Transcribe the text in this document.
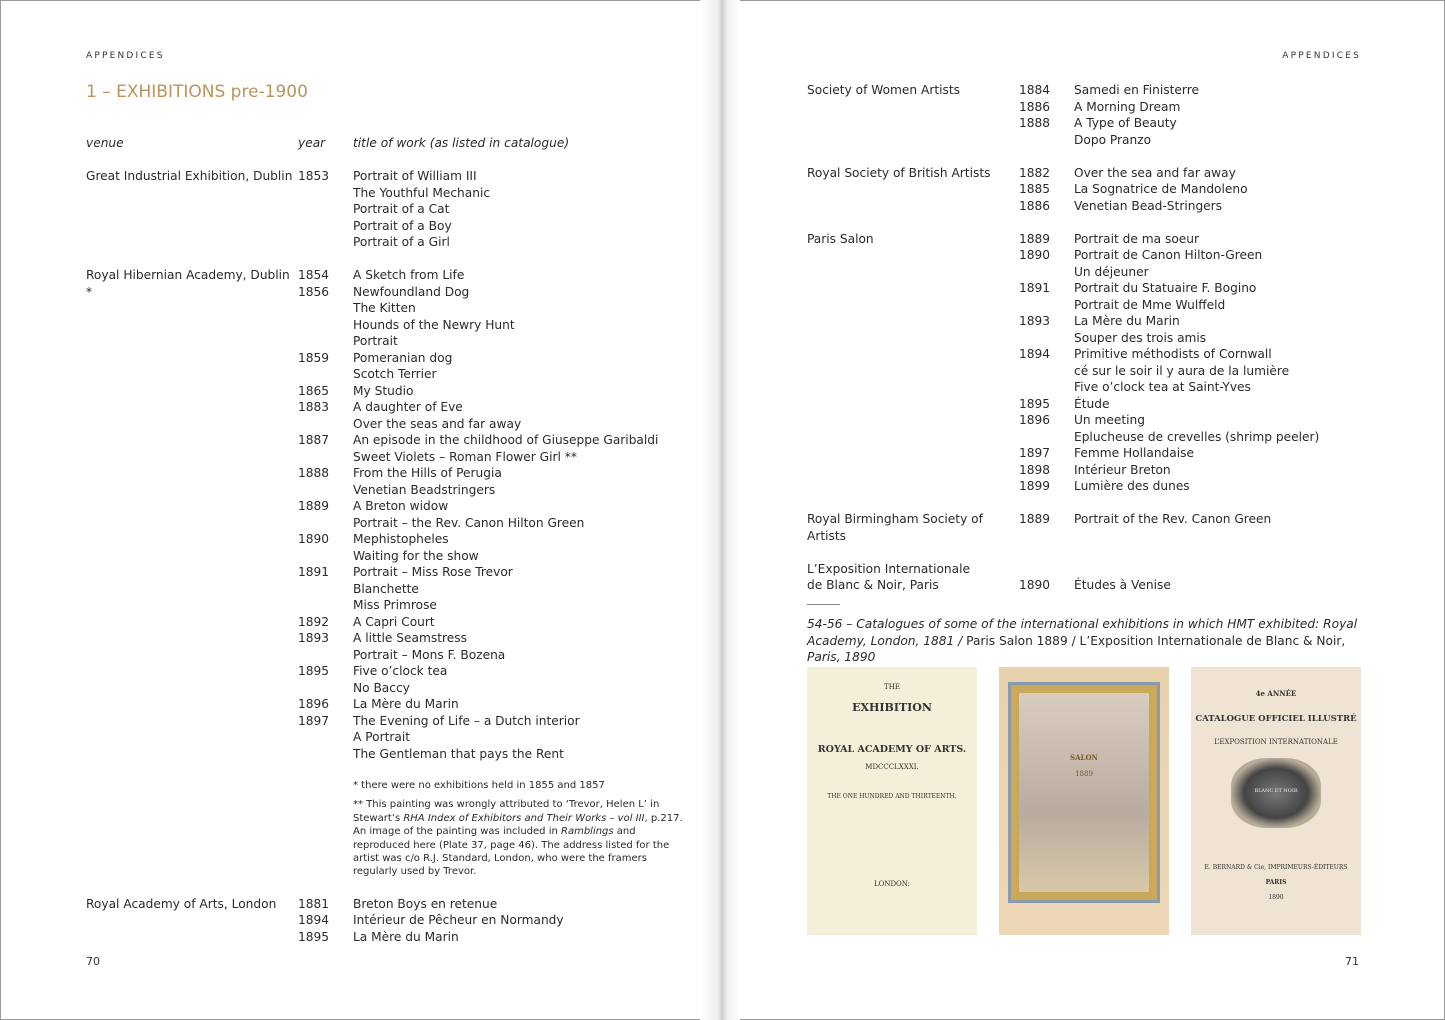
APPENDICES
1 – EXHIBITIONS pre-1900
venue	year	title of work (as listed in catalogue)
Great Industrial Exhibition, Dublin 1853	Portrait of William III
The Youthful Mechanic
Portrait of a Cat
Portrait of a Boy
Portrait of a Girl
Royal Hibernian Academy, Dublin *
1854	A Sketch from Life
1856	Newfoundland Dog
The Kitten
Hounds of the Newry Hunt
Portrait
1859	Pomeranian dog
Scotch Terrier
1865	My Studio
1883	A daughter of Eve
Over the seas and far away
1887	An episode in the childhood of Giuseppe Garibaldi
Sweet Violets – Roman Flower Girl **
1888	From the Hills of Perugia
Venetian Beadstringers
1889	A Breton widow
Portrait – the Rev. Canon Hilton Green
1890	Mephistopheles
Waiting for the show
1891	Portrait – Miss Rose Trevor
Blanchette
Miss Primrose
1892	A Capri Court
1893	A little Seamstress
Portrait – Mons F. Bozena
1895	Five o’clock tea
No Baccy
1896	La Mère du Marin
1897	The Evening of Life – a Dutch interior
A Portrait
The Gentleman that pays the Rent

* there were no exhibitions held in 1855 and 1857

** This painting was wrongly attributed to ‘Trevor, Helen L’ in Stewart’s RHA Index of Exhibitors and Their Works – vol III, p.217. An image of the painting was included in Ramblings and reproduced here (Plate 37, page 46). The address listed for the artist was c/o R.J. Standard, London, who were the framers regularly used by Trevor.

Royal Academy of Arts, London	1881	Breton Boys en retenue
1894	Intérieur de Pêcheur en Normandy
1895	La Mère du Marin
70
APPENDICES
71
Society of Women Artists	1884	Samedi en Finisterre
1886	A Morning Dream
1888	A Type of Beauty
Dopo Pranzo
Royal Society of British Artists	1882	Over the sea and far away
1885	La Sognatrice de Mandoleno
1886	Venetian Bead-Stringers
Paris Salon	1889	Portrait de ma soeur
1890	Portrait de Canon Hilton-Green
Un déjeuner
1891	Portrait du Statuaire F. Bogino
Portrait de Mme Wulffeld
1893	La Mère du Marin
Souper des trois amis
1894	Primitive méthodists of Cornwall
cé sur le soir il y aura de la lumière
Five o’clock tea at Saint-Yves
1895	Étude
1896	Un meeting
Eplucheuse de crevelles (shrimp peeler)
1897	Femme Hollandaise
1898	Intérieur Breton
1899	Lumière des dunes
Royal Birmingham Society of Artists
1889	Portrait of the Rev. Canon Green
L’Exposition Internationale
de Blanc & Noir, Paris	1890	Études à Venise
54-56 – Catalogues of some of the international exhibitions in which HMT exhibited: Royal Academy, London, 1881 / Paris Salon 1889 / L’Exposition Internationale de Blanc & Noir, Paris, 1890
THE
EXHIBITION
ROYAL ACADEMY OF ARTS.
MDCCCLXXXI.
THE ONE HUNDRED AND THIRTEENTH.
LONDON:
SALON
1889
4e ANNÉE
CATALOGUE OFFICIEL ILLUSTRÉ
L’EXPOSITION INTERNATIONALE
BLANC ET NOIR
E. BERNARD & Cie, IMPRIMEURS-ÉDITEURS
PARIS
1890
